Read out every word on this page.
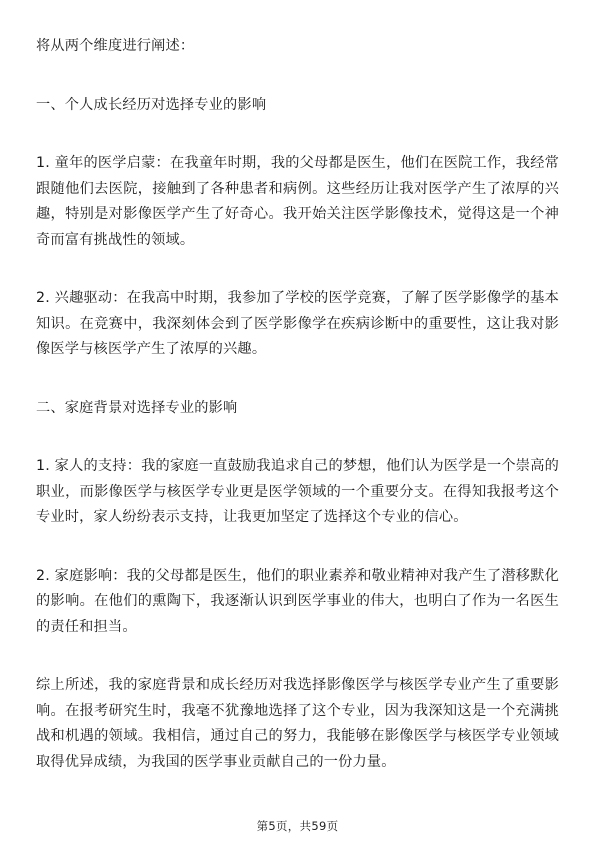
将从两个维度进行阐述：

一、个人成长经历对选择专业的影响

1. 童年的医学启蒙：在我童年时期，我的父母都是医生，他们在医院工作，我经常跟随他们去医院，接触到了各种患者和病例。这些经历让我对医学产生了浓厚的兴趣，特别是对影像医学产生了好奇心。我开始关注医学影像技术，觉得这是一个神奇而富有挑战性的领域。

2. 兴趣驱动：在我高中时期，我参加了学校的医学竞赛，了解了医学影像学的基本知识。在竞赛中，我深刻体会到了医学影像学在疾病诊断中的重要性，这让我对影像医学与核医学产生了浓厚的兴趣。

二、家庭背景对选择专业的影响

1. 家人的支持：我的家庭一直鼓励我追求自己的梦想，他们认为医学是一个崇高的职业，而影像医学与核医学专业更是医学领域的一个重要分支。在得知我报考这个专业时，家人纷纷表示支持，让我更加坚定了选择这个专业的信心。

2. 家庭影响：我的父母都是医生，他们的职业素养和敬业精神对我产生了潜移默化的影响。在他们的熏陶下，我逐渐认识到医学事业的伟大，也明白了作为一名医生的责任和担当。

综上所述，我的家庭背景和成长经历对我选择影像医学与核医学专业产生了重要影响。在报考研究生时，我毫不犹豫地选择了这个专业，因为我深知这是一个充满挑战和机遇的领域。我相信，通过自己的努力，我能够在影像医学与核医学专业领域取得优异成绩，为我国的医学事业贡献自己的一份力量。

第5页，共59页
